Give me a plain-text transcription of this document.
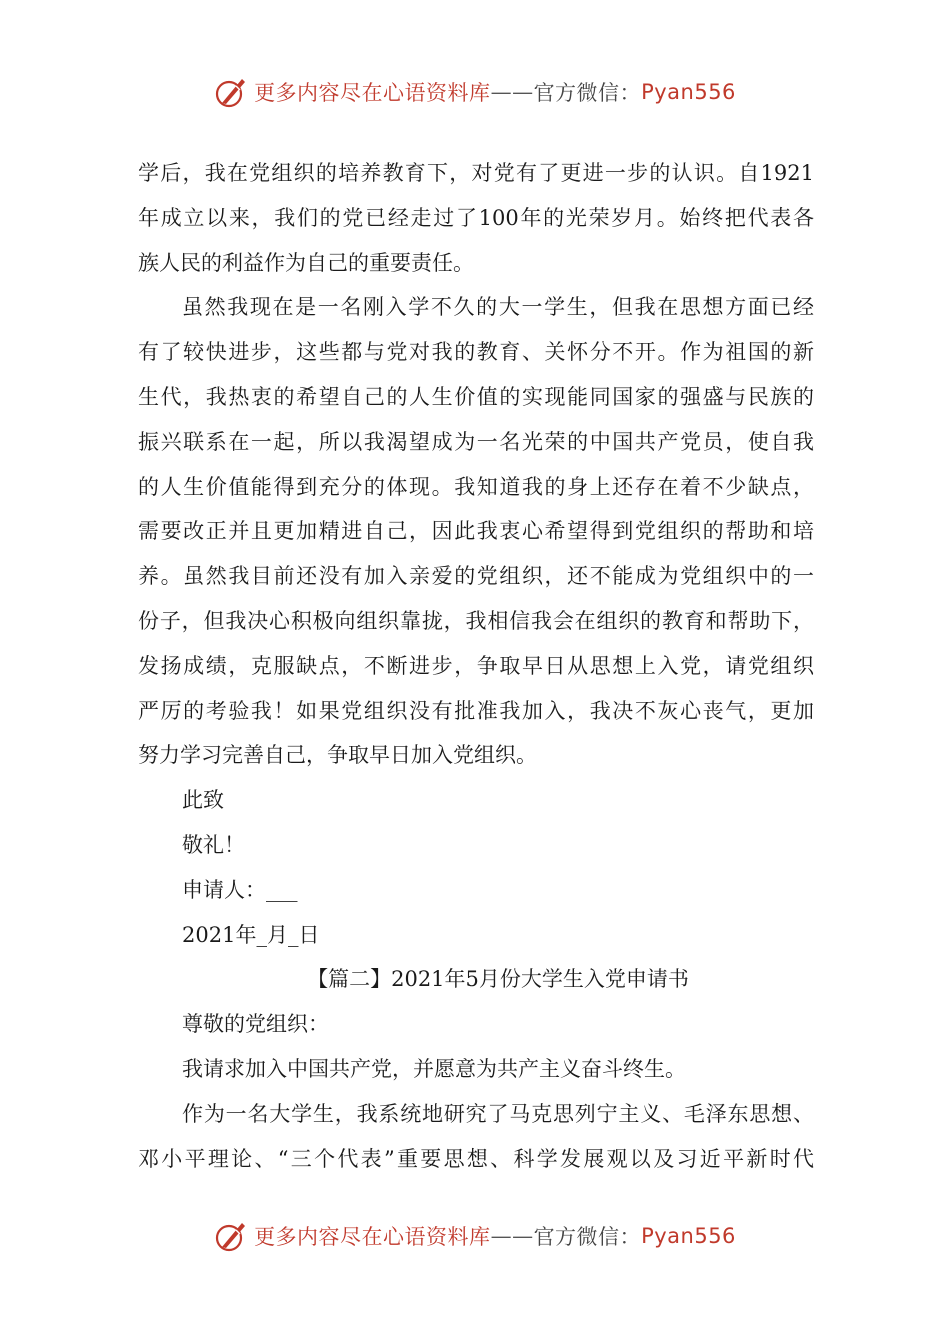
更多内容尽在心语资料库 —— 官方微信： Pyan556
学后，我在党组织的培养教育下，对党有了更进一步的认识。自1921
年成立以来，我们的党已经走过了100年的光荣岁月。始终把代表各
族人民的利益作为自己的重要责任。
虽然我现在是一名刚入学不久的大一学生，但我在思想方面已经
有了较快进步，这些都与党对我的教育、关怀分不开。作为祖国的新
生代，我热衷的希望自己的人生价值的实现能同国家的强盛与民族的
振兴联系在一起，所以我渴望成为一名光荣的中国共产党员，使自我
的人生价值能得到充分的体现。我知道我的身上还存在着不少缺点，
需要改正并且更加精进自己，因此我衷心希望得到党组织的帮助和培
养。虽然我目前还没有加入亲爱的党组织，还不能成为党组织中的一
份子，但我决心积极向组织靠拢，我相信我会在组织的教育和帮助下，
发扬成绩，克服缺点，不断进步，争取早日从思想上入党，请党组织
严厉的考验我！如果党组织没有批准我加入，我决不灰心丧气，更加
努力学习完善自己，争取早日加入党组织。
此致
敬礼！
申请人：___
2021年_月_日
【篇二】2021年5月份大学生入党申请书
尊敬的党组织：
我请求加入中国共产党，并愿意为共产主义奋斗终生。
作为一名大学生，我系统地研究了马克思列宁主义、毛泽东思想、
邓小平理论、“三个代表”重要思想、科学发展观以及习近平新时代
更多内容尽在心语资料库 —— 官方微信： Pyan556
